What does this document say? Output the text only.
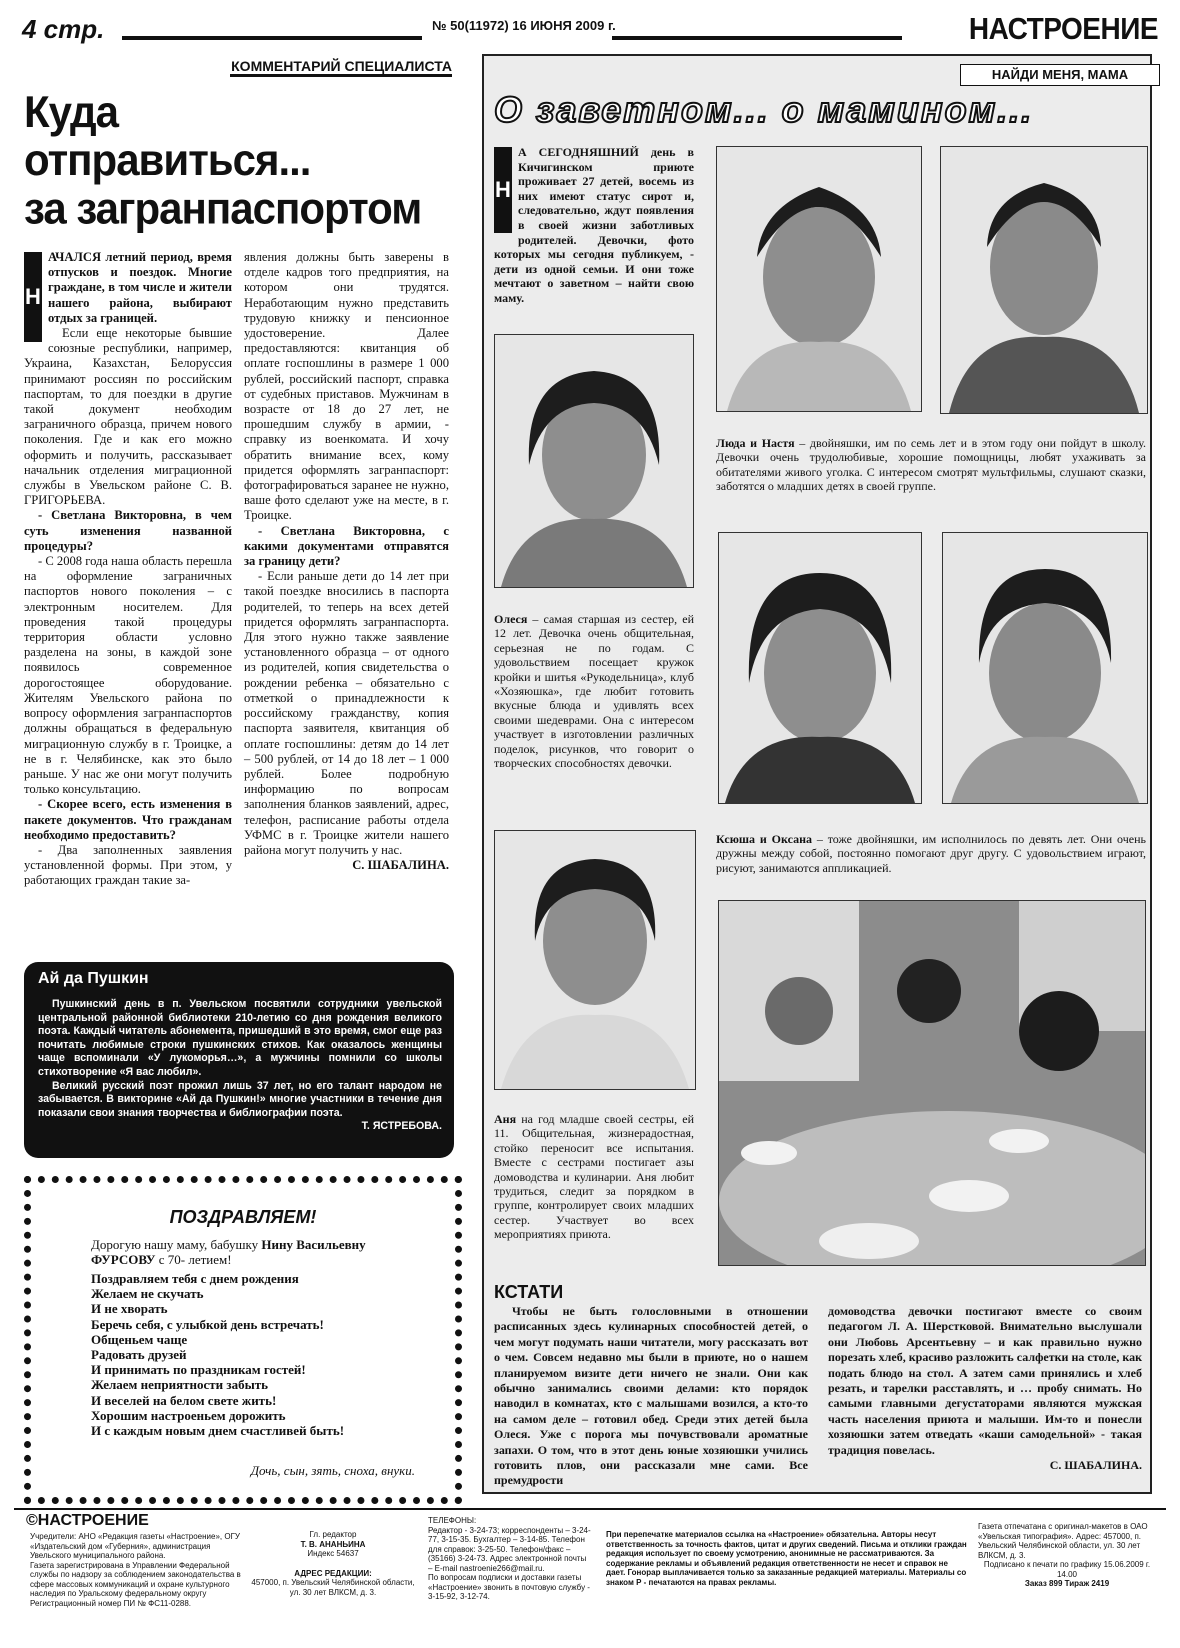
4 стр.	№ 50(11972) 16 ИЮНЯ 2009 г.	НАСТРОЕНИЕ
КОММЕНТАРИЙ СПЕЦИАЛИСТА
Куда
отправиться...
за загранпаспортом
Н

АЧАЛСЯ летний период, время отпусков и поездок. Многие граждане, в том числе и жители нашего района, выбирают отдых за границей.

Если еще некоторые бывшие союзные республики, например, Украина, Казахстан, Белоруссия принимают россиян по российским паспортам, то для поездки в другие такой документ необходим заграничного образца, причем нового поколения. Где и как его можно оформить и получить, рассказывает начальник отделения миграционной службы в Увельском районе С. В. ГРИГОРЬЕВА.

- Светлана Викторовна, в чем суть изменения названной процедуры?

- С 2008 года наша область перешла на оформление заграничных паспортов нового поколения – с электронным носителем. Для проведения такой процедуры территория области условно разделена на зоны, в каждой зоне появилось современное дорогостоящее оборудование. Жителям Увельского района по вопросу оформления загранпаспортов должны обращаться в федеральную миграционную службу в г. Троицке, а не в г. Челябинске, как это было раньше. У нас же они могут получить только консультацию.

- Скорее всего, есть изменения в пакете документов. Что гражданам необходимо предоставить?

- Два заполненных заявления установленной формы. При этом, у работающих граждан такие за-

явления должны быть заверены в отделе кадров того предприятия, на котором они трудятся. Неработающим нужно представить трудовую книжку и пенсионное удостоверение. Далее предоставляются: квитанция об оплате госпошлины в размере 1 000 рублей, российский паспорт, справка от судебных приставов. Мужчинам в возрасте от 18 до 27 лет, не прошедшим службу в армии, - справку из военкомата. И хочу обратить внимание всех, кому придется оформлять загранпаспорт: фотографироваться заранее не нужно, ваше фото сделают уже на месте, в г. Троицке.

- Светлана Викторовна, с какими документами отправятся за границу дети?

- Если раньше дети до 14 лет при такой поездке вносились в паспорта родителей, то теперь на всех детей придется оформлять загранпаспорта. Для этого нужно также заявление установленного образца – от одного из родителей, копия свидетельства о рождении ребенка – обязательно с отметкой о принадлежности к российскому гражданству, копия паспорта заявителя, квитанция об оплате госпошлины: детям до 14 лет – 500 рублей, от 14 до 18 лет – 1 000 рублей. Более подробную информацию по вопросам заполнения бланков заявлений, адрес, телефон, расписание работы отдела УФМС в г. Троицке жители нашего района могут получить у нас.

С. ШАБАЛИНА.

Ай да Пушкин

Пушкинский день в п. Увельском посвятили сотрудники увельской центральной районной библиотеки 210-летию со дня рождения великого поэта. Каждый читатель абонемента, пришедший в это время, смог еще раз почитать любимые строки пушкинских стихов. Как оказалось женщины чаще вспоминали «У лукоморья…», а мужчины помнили со школы стихотворение «Я вас любил».

Великий русский поэт прожил лишь 37 лет, но его талант народом не забывается. В викторине «Ай да Пушкин!» многие участники в течение дня показали свои знания творчества и библиографии поэта.

Т. ЯСТРЕБОВА.

ПОЗДРАВЛЯЕМ!
Дорогую нашу маму, бабушку Нину Васильевну ФУРСОВУ с 70- летием!
Поздравляем тебя с днем рождения
Желаем не скучать
И не хворать
Беречь себя, с улыбкой день встречать!
Общеньем чаще
Радовать друзей
И принимать по праздникам гостей!
Желаем неприятности забыть
И веселей на белом свете жить!
Хорошим настроеньем дорожить
И с каждым новым днем счастливей быть!
Дочь, сын, зять, сноха, внуки.
НАЙДИ МЕНЯ, МАМА
О заветном... о мамином...
Н
А СЕГОДНЯШНИЙ день в Кичигинском приюте проживает 27 детей, восемь из них имеют статус сирот и, следовательно, ждут появления в своей жизни заботливых родителей. Девочки, фото которых мы сегодня публикуем, - дети из одной семьи. И они тоже мечтают о заветном – найти свою маму.
Люда и Настя – двойняшки, им по семь лет и в этом году они пойдут в школу. Девочки очень трудолюбивые, хорошие помощницы, любят ухаживать за обитателями живого уголка. С интересом смотрят мультфильмы, слушают сказки, заботятся о младших детях в своей группе.
Олеся – самая старшая из сестер, ей 12 лет. Девочка очень общительная, серьезная не по годам. С удовольствием посещает кружок кройки и шитья «Рукодельница», клуб «Хозяюшка», где любит готовить вкусные блюда и удивлять всех своими шедеврами. Она с интересом участвует в изготовлении различных поделок, рисунков, что говорит о творческих способностях девочки.
Ксюша и Оксана – тоже двойняшки, им исполнилось по девять лет. Они очень дружны между собой, постоянно помогают друг другу. С удовольствием играют, рисуют, занимаются аппликацией.
Аня на год младше своей сестры, ей 11. Общительная, жизнерадостная, стойко переносит все испытания. Вместе с сестрами постигает азы домоводства и кулинарии. Аня любит трудиться, следит за порядком в группе, контролирует своих младших сестер. Участвует во всех мероприятиях приюта.
КСТАТИ
Чтобы не быть голословными в отношении расписанных здесь кулинарных способностей детей, о чем могут подумать наши читатели, могу рассказать вот о чем. Совсем недавно мы были в приюте, но о нашем планируемом визите дети ничего не знали. Они как обычно занимались своими делами: кто порядок наводил в комнатах, кто с малышами возился, а кто-то на самом деле – готовил обед. Среди этих детей была Олеся. Уже с порога мы почувствовали ароматные запахи. О том, что в этот день юные хозяюшки учились готовить плов, они рассказали мне сами. Все премудрости

домоводства девочки постигают вместе со своим педагогом Л. А. Шерстковой. Внимательно выслушали они Любовь Арсентьевну – и как правильно нужно порезать хлеб, красиво разложить салфетки на столе, как подать блюдо на стол. А затем сами принялись и хлеб резать, и тарелки расставлять, и … пробу снимать. Но самыми главными дегустаторами являются мужская часть населения приюта и малыши. Им-то и понесли хозяюшки затем отведать «каши самодельной» - такая традиция повелась.

С. ШАБАЛИНА.

©НАСТРОЕНИЕ

Учредители: АНО «Редакция газеты «Настроение», ОГУ «Издательский дом «Губерния», администрация Увельского муниципального района.

Газета зарегистрирована в Управлении Федеральной службы по надзору за соблюдением законодательства в сфере массовых коммуникаций и охране культурного наследия по Уральскому федеральному округу

Регистрационный номер ПИ № ФС11-0288.

Гл. редактор

Т. В. АНАНЬИНА

Индекс 54637

АДРЕС РЕДАКЦИИ:

457000, п. Увельский Челябинской области, ул. 30 лет ВЛКСМ, д. 3.

ТЕЛЕФОНЫ:

Редактор - 3-24-73; корреспонденты – 3-24-77, 3-15-35. Бухгалтер – 3-14-85. Телефон для справок: 3-25-50. Телефон/факс – (35166) 3-24-73. Адрес электронной почты – E-mail nastroenie266@mail.ru.

По вопросам подписки и доставки газеты «Настроение» звонить в почтовую службу - 3-15-92, 3-12-74.

При перепечатке материалов ссылка на «Настроение» обязательна. Авторы несут ответственность за точность фактов, цитат и других сведений. Письма и отклики граждан редакция использует по своему усмотрению, анонимные не рассматриваются. За содержание рекламы и объявлений редакция ответственности не несет и справок не дает. Гонорар выплачивается только за заказанные редакцией материалы. Материалы со знаком Р - печатаются на правах рекламы.

Газета отпечатана с оригинал-макетов в ОАО «Увельская типография». Адрес: 457000, п. Увельский Челябинской области, ул. 30 лет ВЛКСМ, д. 3.

Подписано к печати по графику 15.06.2009 г. 14.00

Заказ 899 Тираж 2419
